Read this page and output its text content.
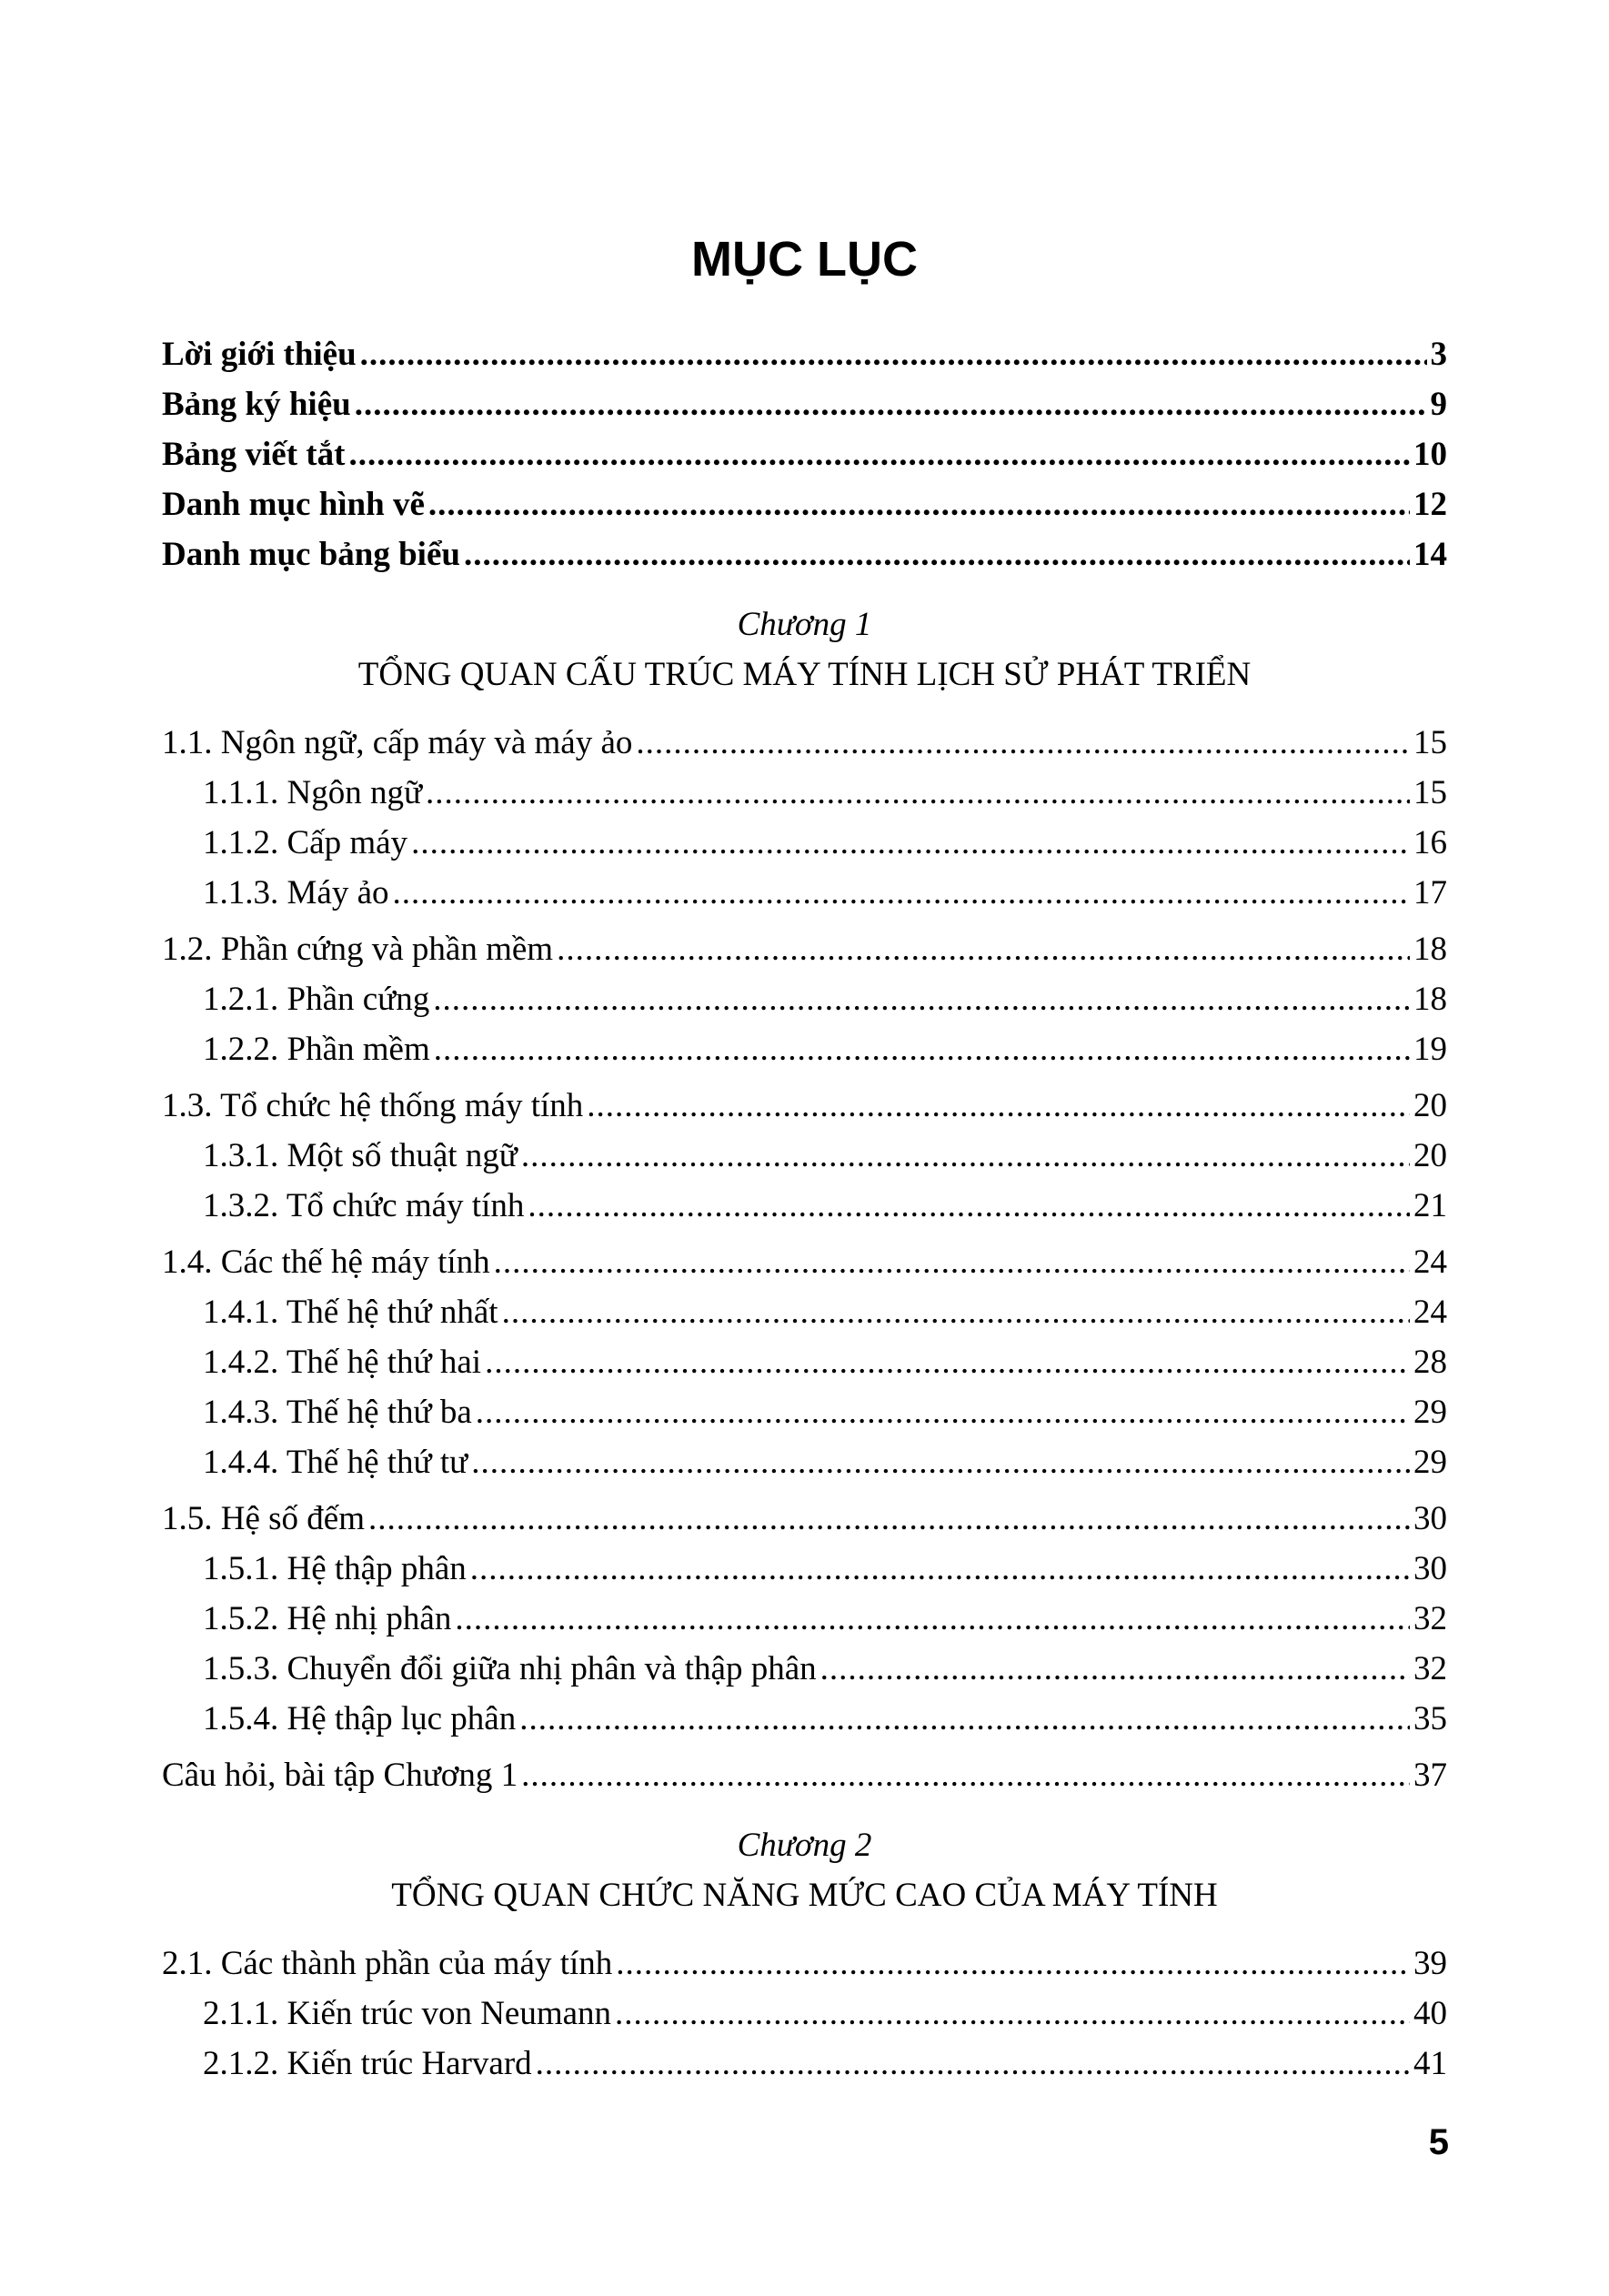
MỤC LỤC
Lời giới thiệu .....	3
Bảng ký hiệu .....	9
Bảng viết tắt .....	10
Danh mục hình vẽ .....	12
Danh mục bảng biểu .....	14
Chương 1
TỔNG QUAN CẤU TRÚC MÁY TÍNH LỊCH SỬ PHÁT TRIỂN
1.1. Ngôn ngữ, cấp máy và máy ảo .....	15
1.1.1. Ngôn ngữ .....	15
1.1.2. Cấp máy .....	16
1.1.3. Máy ảo .....	17
1.2. Phần cứng và phần mềm .....	18
1.2.1. Phần cứng .....	18
1.2.2. Phần mềm .....	19
1.3. Tổ chức hệ thống máy tính .....	20
1.3.1. Một số thuật ngữ .....	20
1.3.2. Tổ chức máy tính .....	21
1.4. Các thế hệ máy tính .....	24
1.4.1. Thế hệ thứ nhất .....	24
1.4.2. Thế hệ thứ hai .....	28
1.4.3. Thế hệ thứ ba .....	29
1.4.4. Thế hệ thứ tư .....	29
1.5. Hệ số đếm .....	30
1.5.1. Hệ thập phân .....	30
1.5.2. Hệ nhị phân .....	32
1.5.3. Chuyển đổi giữa nhị phân và thập phân .....	32
1.5.4. Hệ thập lục phân .....	35
Câu hỏi, bài tập Chương 1 .....	37
Chương 2
TỔNG QUAN CHỨC NĂNG MỨC CAO CỦA MÁY TÍNH
2.1. Các thành phần của máy tính .....	39
2.1.1. Kiến trúc von Neumann .....	40
2.1.2. Kiến trúc Harvard .....	41
5
